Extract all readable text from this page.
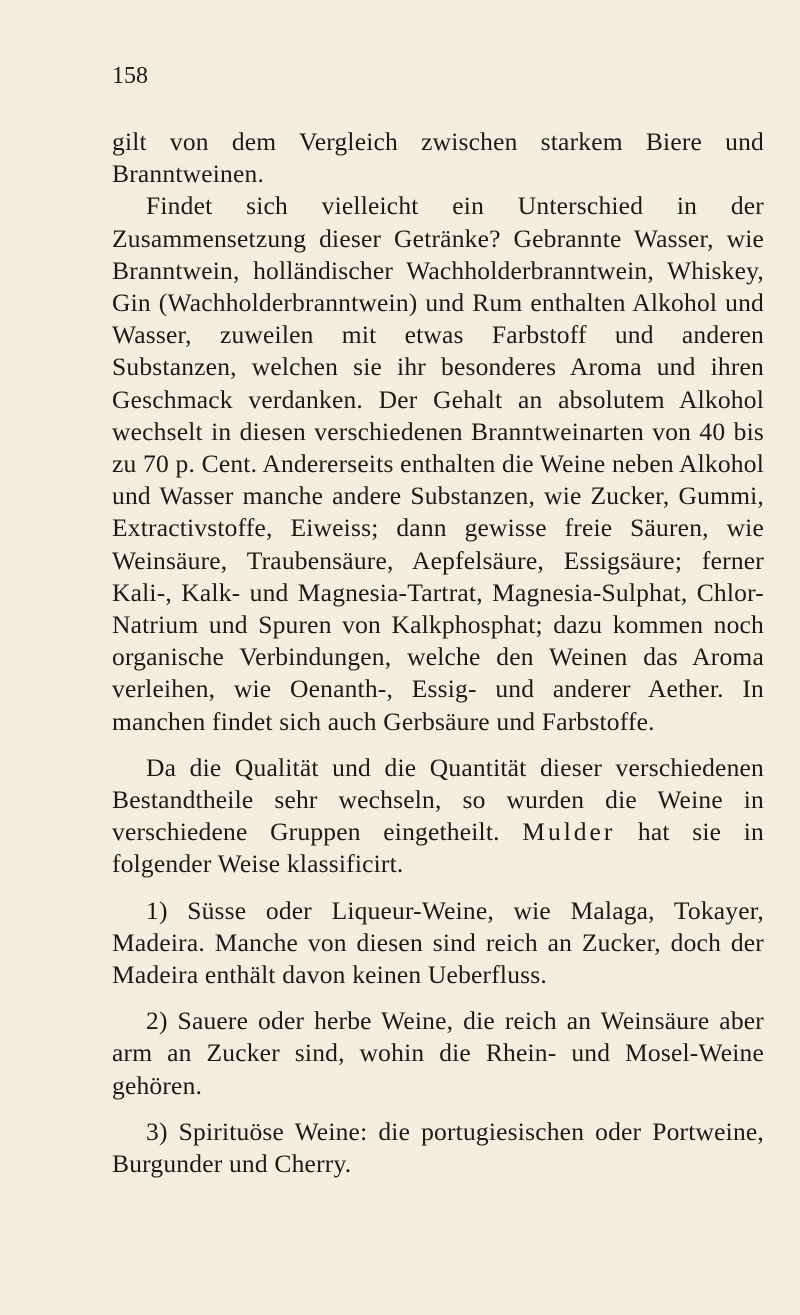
158

gilt von dem Vergleich zwischen starkem Biere und Branntweinen.

Findet sich vielleicht ein Unterschied in der Zusammensetzung dieser Getränke? Gebrannte Wasser, wie Branntwein, holländischer Wachholderbranntwein, Whiskey, Gin (Wachholderbranntwein) und Rum enthalten Alkohol und Wasser, zuweilen mit etwas Farbstoff und anderen Substanzen, welchen sie ihr besonderes Aroma und ihren Geschmack verdanken. Der Gehalt an absolutem Alkohol wechselt in diesen verschiedenen Branntweinarten von 40 bis zu 70 p. Cent. Andererseits enthalten die Weine neben Alkohol und Wasser manche andere Substanzen, wie Zucker, Gummi, Extractivstoffe, Eiweiss; dann gewisse freie Säuren, wie Weinsäure, Traubensäure, Aepfelsäure, Essigsäure; ferner Kali-, Kalk- und Magnesia-Tartrat, Magnesia-Sulphat, Chlor-Natrium und Spuren von Kalkphosphat; dazu kommen noch organische Verbindungen, welche den Weinen das Aroma verleihen, wie Oenanth-, Essig- und anderer Aether. In manchen findet sich auch Gerbsäure und Farbstoffe.

Da die Qualität und die Quantität dieser verschiedenen Bestandtheile sehr wechseln, so wurden die Weine in verschiedene Gruppen eingetheilt. Mulder hat sie in folgender Weise klassificirt.

1) Süsse oder Liqueur-Weine, wie Malaga, Tokayer, Madeira. Manche von diesen sind reich an Zucker, doch der Madeira enthält davon keinen Ueberfluss.

2) Sauere oder herbe Weine, die reich an Weinsäure aber arm an Zucker sind, wohin die Rhein- und Mosel-Weine gehören.

3) Spirituöse Weine: die portugiesischen oder Portweine, Burgunder und Cherry.
